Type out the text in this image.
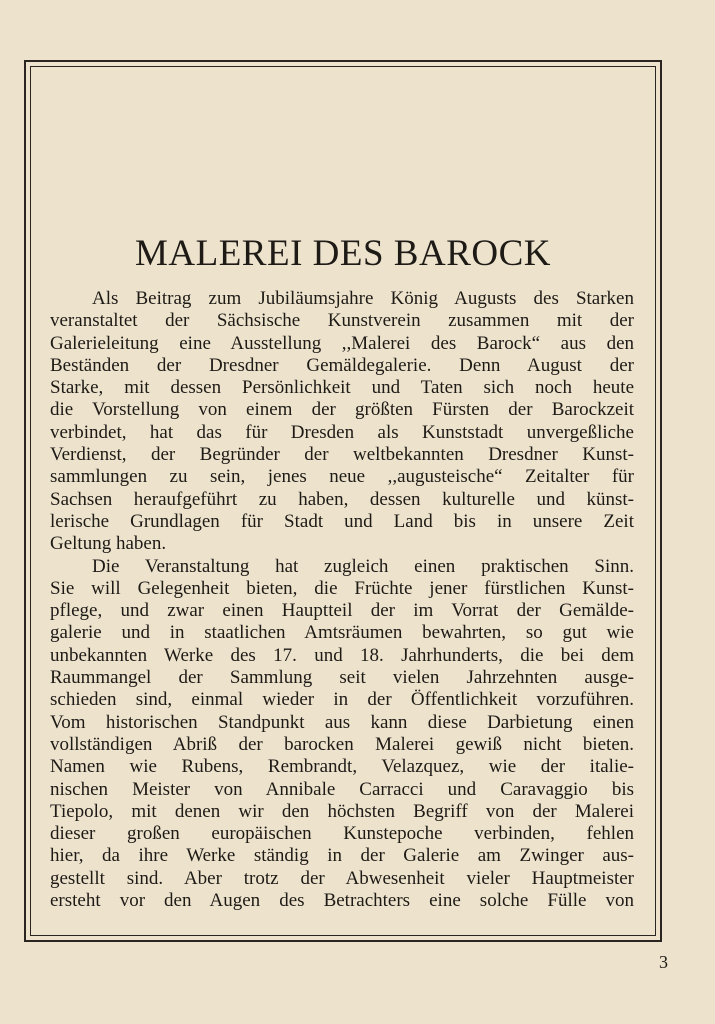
MALEREI DES BAROCK
Als Beitrag zum Jubiläumsjahre König Augusts des Starken
veranstaltet der Sächsische Kunstverein zusammen mit der
Galerieleitung eine Ausstellung ,,Malerei des Barock“ aus den
Beständen der Dresdner Gemäldegalerie. Denn August der
Starke, mit dessen Persönlichkeit und Taten sich noch heute
die Vorstellung von einem der größten Fürsten der Barockzeit
verbindet, hat das für Dresden als Kunststadt unvergeßliche
Verdienst, der Begründer der weltbekannten Dresdner Kunst-
sammlungen zu sein, jenes neue ,,augusteische“ Zeitalter für
Sachsen heraufgeführt zu haben, dessen kulturelle und künst-
lerische Grundlagen für Stadt und Land bis in unsere Zeit
Geltung haben.
Die Veranstaltung hat zugleich einen praktischen Sinn.
Sie will Gelegenheit bieten, die Früchte jener fürstlichen Kunst-
pflege, und zwar einen Hauptteil der im Vorrat der Gemälde-
galerie und in staatlichen Amtsräumen bewahrten, so gut wie
unbekannten Werke des 17. und 18. Jahrhunderts, die bei dem
Raummangel der Sammlung seit vielen Jahrzehnten ausge-
schieden sind, einmal wieder in der Öffentlichkeit vorzuführen.
Vom historischen Standpunkt aus kann diese Darbietung einen
vollständigen Abriß der barocken Malerei gewiß nicht bieten.
Namen wie Rubens, Rembrandt, Velazquez, wie der italie-
nischen Meister von Annibale Carracci und Caravaggio bis
Tiepolo, mit denen wir den höchsten Begriff von der Malerei
dieser großen europäischen Kunstepoche verbinden, fehlen
hier, da ihre Werke ständig in der Galerie am Zwinger aus-
gestellt sind. Aber trotz der Abwesenheit vieler Hauptmeister
ersteht vor den Augen des Betrachters eine solche Fülle von
3
